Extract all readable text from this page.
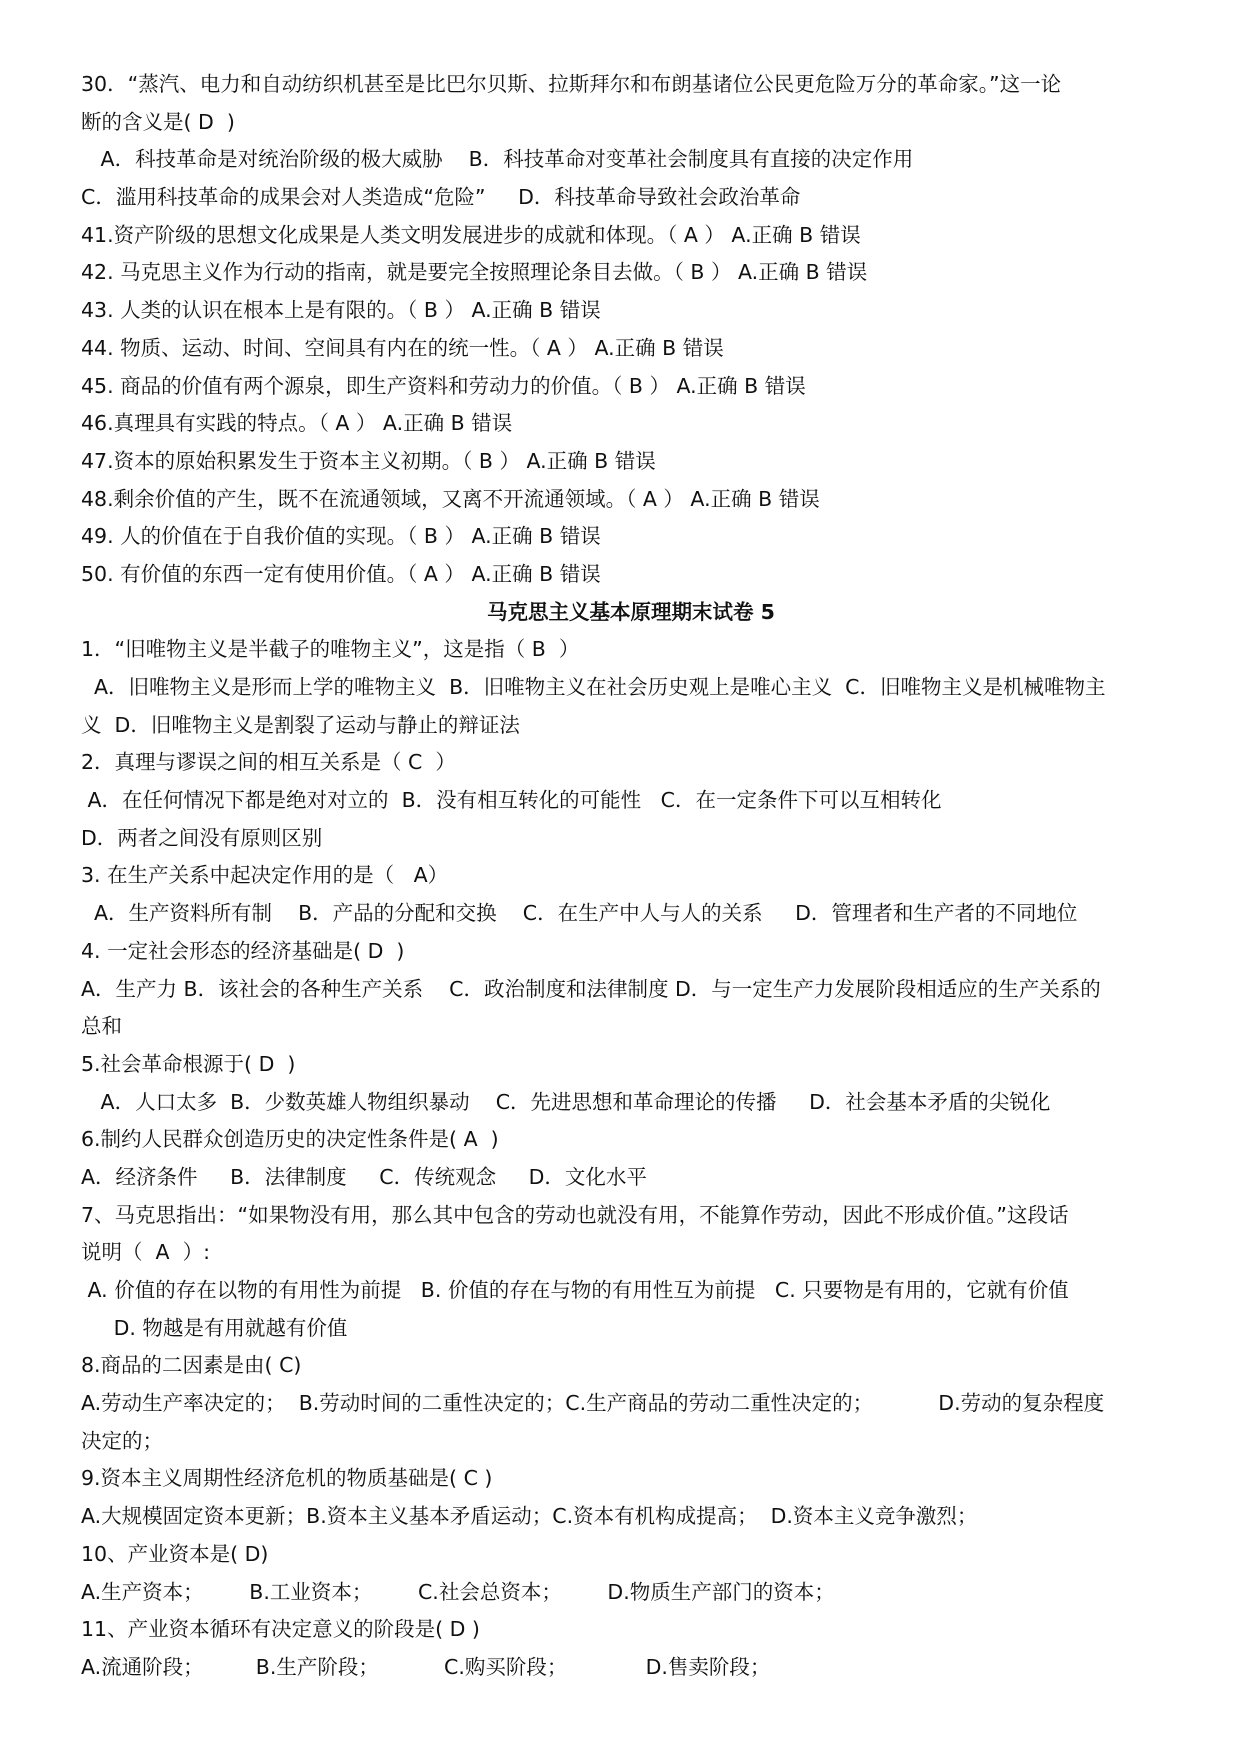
30．“蒸汽、电力和自动纺织机甚至是比巴尔贝斯、拉斯拜尔和布朗基诸位公民更危险万分的革命家。”这一论
断的含义是( D  )
A．科技革命是对统治阶级的极大威胁    B．科技革命对变革社会制度具有直接的决定作用
C．滥用科技革命的成果会对人类造成“危险”     D．科技革命导致社会政治革命
41.资产阶级的思想文化成果是人类文明发展进步的成就和体现。（ A ） A.正确 B 错误
42. 马克思主义作为行动的指南，就是要完全按照理论条目去做。（ B ） A.正确 B 错误
43. 人类的认识在根本上是有限的。（ B ） A.正确 B 错误
44. 物质、运动、时间、空间具有内在的统一性。（ A ） A.正确 B 错误
45. 商品的价值有两个源泉，即生产资料和劳动力的价值。（ B ） A.正确 B 错误
46.真理具有实践的特点。（ A ） A.正确 B 错误
47.资本的原始积累发生于资本主义初期。（ B ） A.正确 B 错误
48.剩余价值的产生，既不在流通领域，又离不开流通领域。（ A ） A.正确 B 错误
49. 人的价值在于自我价值的实现。（ B ） A.正确 B 错误
50. 有价值的东西一定有使用价值。（ A ） A.正确 B 错误
马克思主义基本原理期末试卷 5
1．“旧唯物主义是半截子的唯物主义”，这是指（ B  ）
A．旧唯物主义是形而上学的唯物主义  B．旧唯物主义在社会历史观上是唯心主义  C．旧唯物主义是机械唯物主
义  D．旧唯物主义是割裂了运动与静止的辩证法
2．真理与谬误之间的相互关系是（ C  ）
A．在任何情况下都是绝对对立的  B．没有相互转化的可能性   C．在一定条件下可以互相转化
D．两者之间没有原则区别
3. 在生产关系中起决定作用的是（   A）
A．生产资料所有制    B．产品的分配和交换    C．在生产中人与人的关系     D．管理者和生产者的不同地位
4. 一定社会形态的经济基础是( D  )
A．生产力 B．该社会的各种生产关系    C．政治制度和法律制度 D．与一定生产力发展阶段相适应的生产关系的
总和
5.社会革命根源于( D  )
A．人口太多  B．少数英雄人物组织暴动    C．先进思想和革命理论的传播     D．社会基本矛盾的尖锐化
6.制约人民群众创造历史的决定性条件是( A  )
A．经济条件     B．法律制度     C．传统观念     D．文化水平
7、马克思指出：“如果物没有用，那么其中包含的劳动也就没有用，不能算作劳动，因此不形成价值。”这段话
说明（  A  ）:
A. 价值的存在以物的有用性为前提   B. 价值的存在与物的有用性互为前提   C. 只要物是有用的，它就有价值
D. 物越是有用就越有价值
8.商品的二因素是由( C)
A.劳动生产率决定的；  B.劳动时间的二重性决定的；C.生产商品的劳动二重性决定的；          D.劳动的复杂程度
决定的；
9.资本主义周期性经济危机的物质基础是( C )
A.大规模固定资本更新；B.资本主义基本矛盾运动；C.资本有机构成提高；  D.资本主义竞争激烈；
10、产业资本是( D)
A.生产资本；       B.工业资本；       C.社会总资本；       D.物质生产部门的资本；
11、产业资本循环有决定意义的阶段是( D )
A.流通阶段；        B.生产阶段；          C.购买阶段；            D.售卖阶段；
